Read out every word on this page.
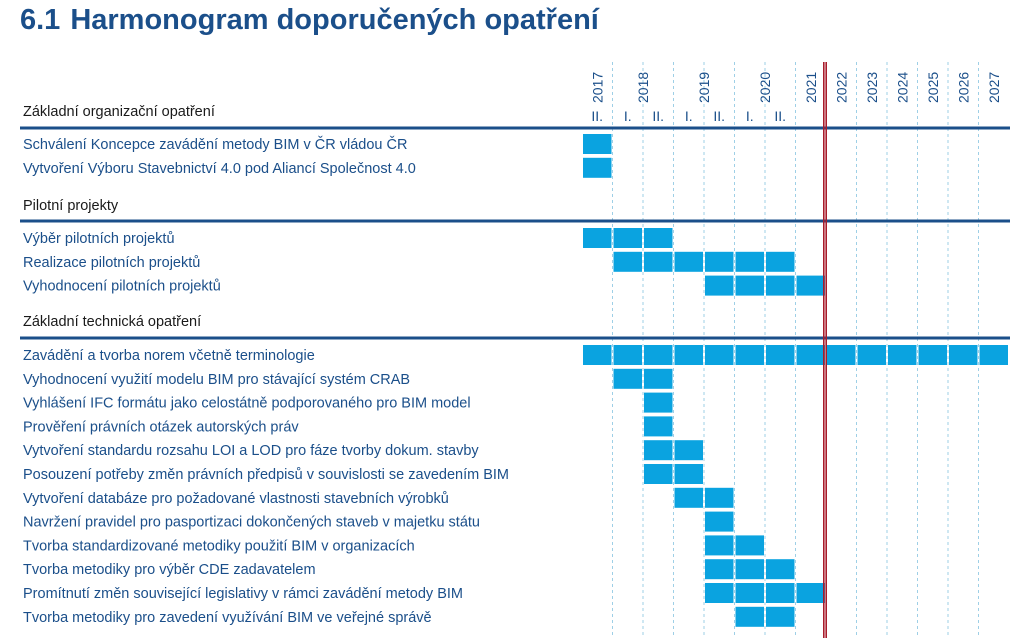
6.1 Harmonogram doporučených opatření
2017 2018	2019	2020 2021 2022 2023 2024 2025 2026 2027
II. I. II. I. II. I. II.
Základní organizační opatření
Schválení Koncepce zavádění metody BIM v ČR vládou ČR
Vytvoření Výboru Stavebnictví 4.0 pod Aliancí Společnost 4.0
Pilotní projekty
Výběr pilotních projektů
Realizace pilotních projektů
Vyhodnocení pilotních projektů
Základní technická opatření
Zavádění a tvorba norem včetně terminologie
Vyhodnocení využití modelu BIM pro stávající systém CRAB
Vyhlášení IFC formátu jako celostátně podporovaného pro BIM model
Prověření právních otázek autorských práv
Vytvoření standardu rozsahu LOI a LOD pro fáze tvorby dokum. stavby
Posouzení potřeby změn právních předpisů v souvislosti se zavedením BIM
Vytvoření databáze pro požadované vlastnosti stavebních výrobků
Navržení pravidel pro pasportizaci dokončených staveb v majetku státu
Tvorba standardizované metodiky použití BIM v organizacích
Tvorba metodiky pro výběr CDE zadavatelem
Promítnutí změn související legislativy v rámci zavádění metody BIM
Tvorba metodiky pro zavedení využívání BIM ve veřejné správě
